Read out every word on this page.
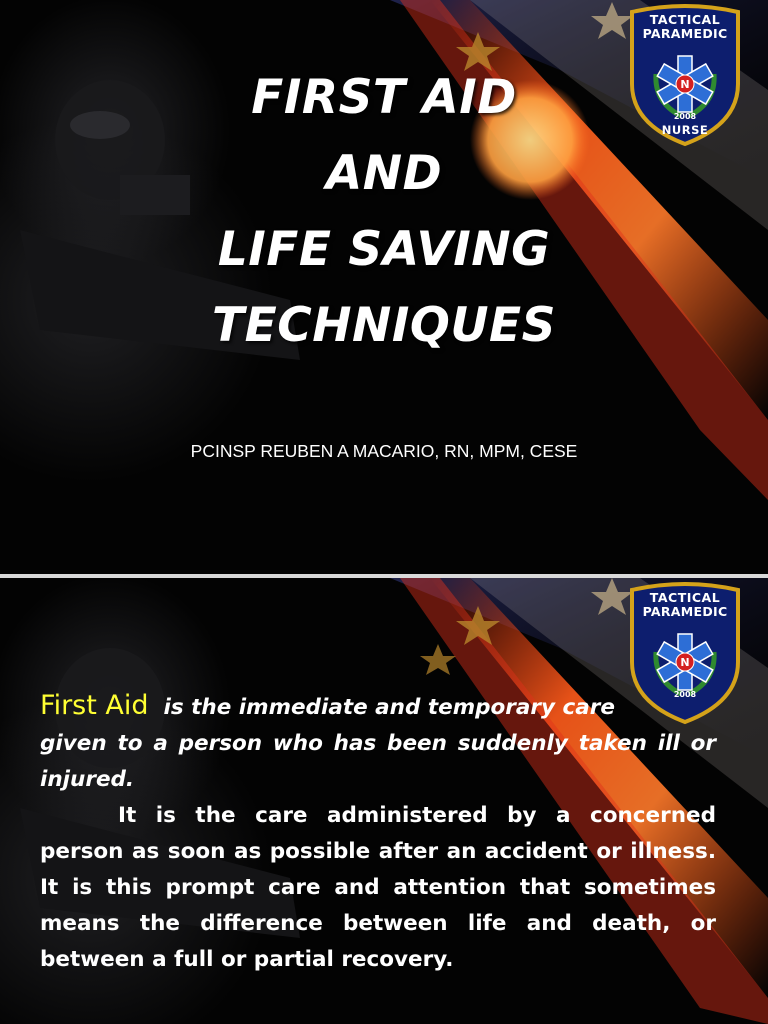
N
TACTICAL
PARAMEDIC
2008
NURSE
FIRST AID
AND
LIFE SAVING
TECHNIQUES
PCINSP REUBEN A MACARIO, RN, MPM, CESE
N
TACTICAL
PARAMEDIC
2008
First Aid is the immediate and temporary care
given to a person who has been suddenly taken ill or
injured.
It is the care administered by a concerned
person as soon as possible after an accident or illness.
It is this prompt care and attention that sometimes
means the difference between life and death, or
between a full or partial recovery.
